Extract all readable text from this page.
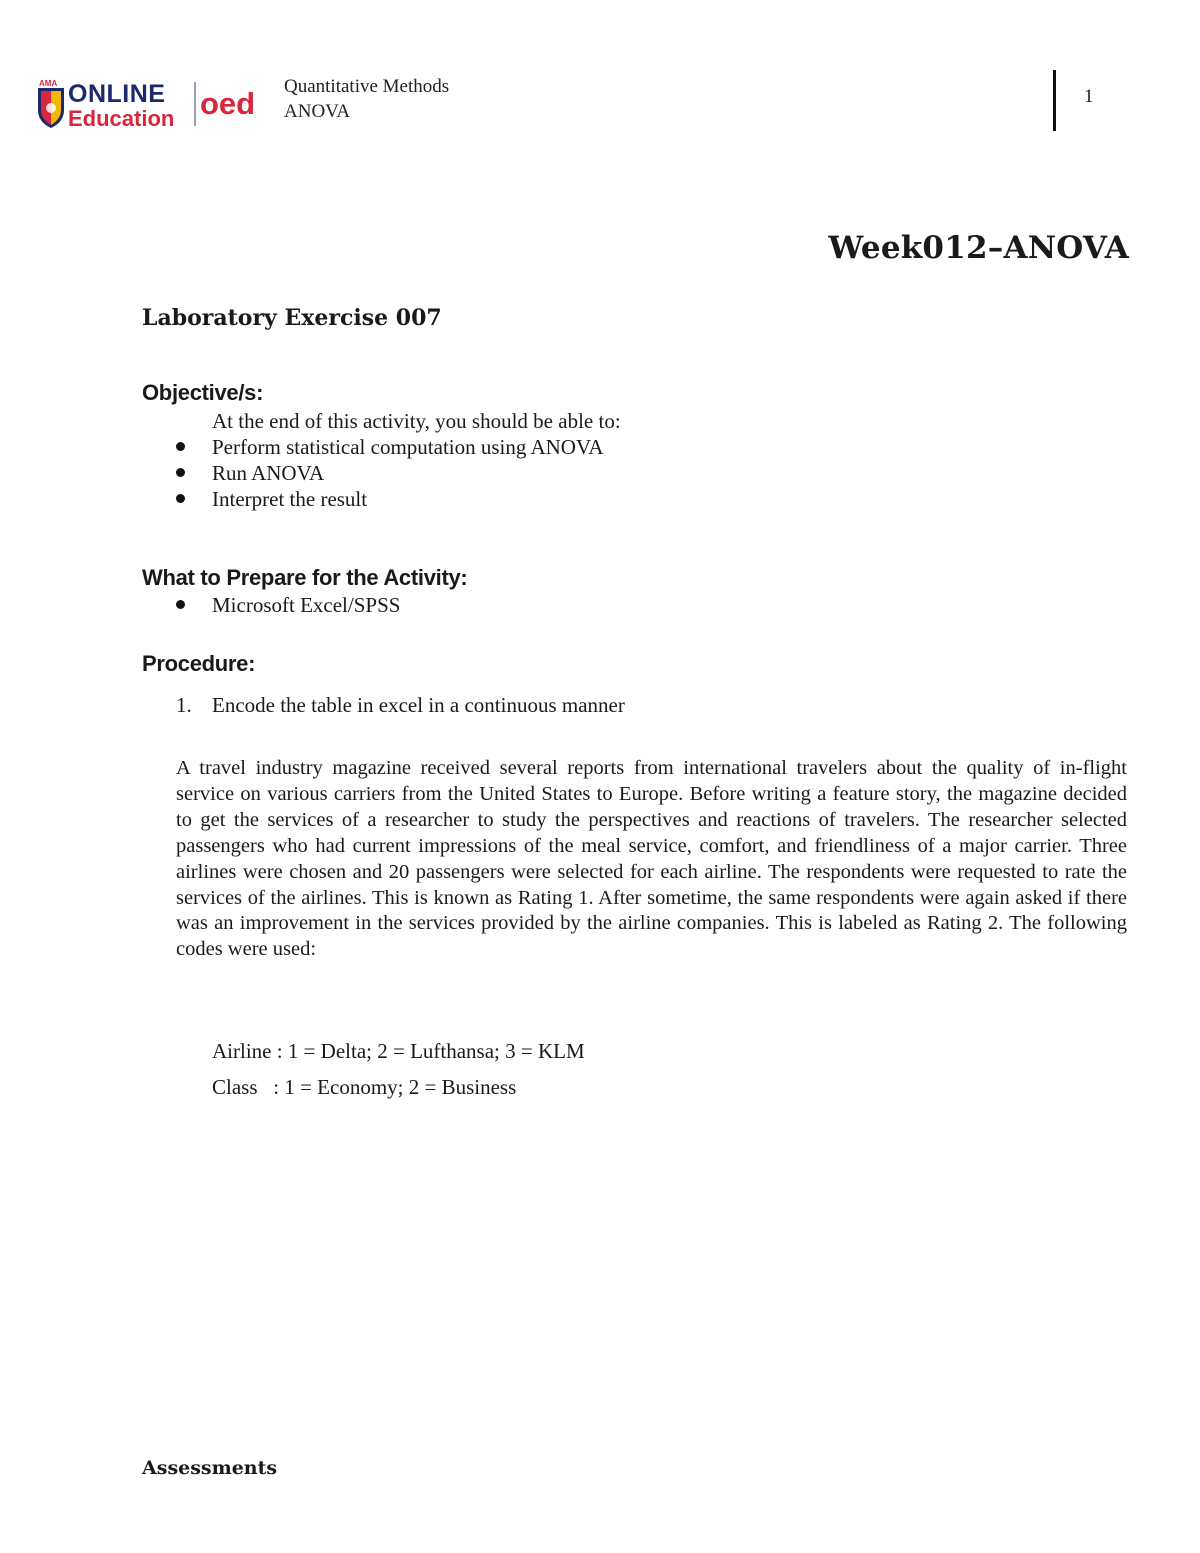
AMA ONLINE
Education oed Quantitative Methods
ANOVA
1
Week012–ANOVA
Laboratory Exercise 007
Objective/s:
At the end of this activity, you should be able to:
Perform statistical computation using ANOVA
Run ANOVA
Interpret the result
What to Prepare for the Activity:
Microsoft Excel/SPSS
Procedure:
1. Encode the table in excel in a continuous manner
A travel industry magazine received several reports from international travelers about the quality of in-flight service on various carriers from the United States to Europe. Before writing a feature story, the magazine decided to get the services of a researcher to study the perspectives and reactions of travelers. The researcher selected passengers who had current impressions of the meal service, comfort, and friendliness of a major carrier. Three airlines were chosen and 20 passengers were selected for each airline. The respondents were requested to rate the services of the airlines. This is known as Rating 1. After sometime, the same respondents were again asked if there was an improvement in the services provided by the airline companies. This is labeled as Rating 2. The following codes were used:
Airline : 1 = Delta; 2 = Lufthansa; 3 = KLM
Class   : 1 = Economy; 2 = Business
Assessments
